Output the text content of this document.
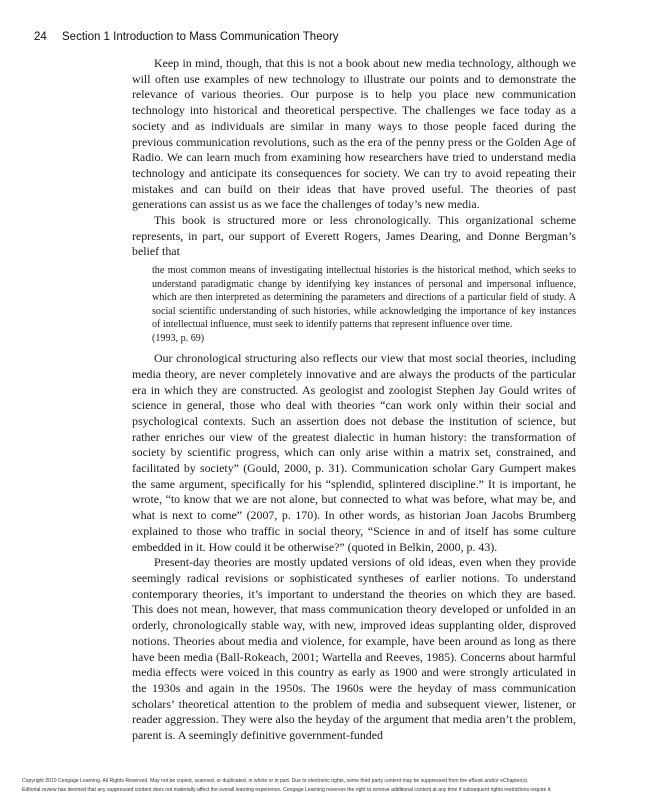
24 Section 1 Introduction to Mass Communication Theory

Keep in mind, though, that this is not a book about new media technology, although we will often use examples of new technology to illustrate our points and to demonstrate the relevance of various theories. Our purpose is to help you place new communication technology into historical and theoretical perspective. The challenges we face today as a society and as individuals are similar in many ways to those people faced during the previous communication revolutions, such as the era of the penny press or the Golden Age of Radio. We can learn much from examining how researchers have tried to understand media technology and anticipate its consequences for society. We can try to avoid repeating their mistakes and can build on their ideas that have proved useful. The theories of past generations can assist us as we face the challenges of today’s new media.

This book is structured more or less chronologically. This organizational scheme represents, in part, our support of Everett Rogers, James Dearing, and Donne Bergman’s belief that

the most common means of investigating intellectual histories is the historical method, which seeks to understand paradigmatic change by identifying key instances of personal and impersonal influence, which are then interpreted as determining the parameters and directions of a particular field of study. A social scientific understanding of such histories, while acknowledging the importance of key instances of intellectual influence, must seek to identify patterns that represent influence over time.
(1993, p. 69)

Our chronological structuring also reflects our view that most social theories, including media theory, are never completely innovative and are always the products of the particular era in which they are constructed. As geologist and zoologist Stephen Jay Gould writes of science in general, those who deal with theories “can work only within their social and psychological contexts. Such an assertion does not debase the institution of science, but rather enriches our view of the greatest dialectic in human history: the transformation of society by scientific progress, which can only arise within a matrix set, constrained, and facilitated by society” (Gould, 2000, p. 31). Communication scholar Gary Gumpert makes the same argument, specifically for his “splendid, splintered discipline.” It is important, he wrote, “to know that we are not alone, but connected to what was before, what may be, and what is next to come” (2007, p. 170). In other words, as historian Joan Jacobs Brumberg explained to those who traffic in social theory, “Science in and of itself has some culture embedded in it. How could it be otherwise?” (quoted in Belkin, 2000, p. 43).

Present-day theories are mostly updated versions of old ideas, even when they provide seemingly radical revisions or sophisticated syntheses of earlier notions. To understand contemporary theories, it’s important to understand the theories on which they are based. This does not mean, however, that mass communication theory developed or unfolded in an orderly, chronologically stable way, with new, improved ideas supplanting older, disproved notions. Theories about media and violence, for example, have been around as long as there have been media (Ball-Rokeach, 2001; Wartella and Reeves, 1985). Concerns about harmful media effects were voiced in this country as early as 1900 and were strongly articulated in the 1930s and again in the 1950s. The 1960s were the heyday of mass communication scholars’ theoretical attention to the problem of media and subsequent viewer, listener, or reader aggression. They were also the heyday of the argument that media aren’t the problem, parent is. A seemingly definitive government-funded

Copyright 2010 Cengage Learning. All Rights Reserved. May not be copied, scanned, or duplicated, in whole or in part. Due to electronic rights, some third party content may be suppressed from the eBook and/or eChapter(s).
Editorial review has deemed that any suppressed content does not materially affect the overall learning experience. Cengage Learning reserves the right to remove additional content at any time if subsequent rights restrictions require it.
